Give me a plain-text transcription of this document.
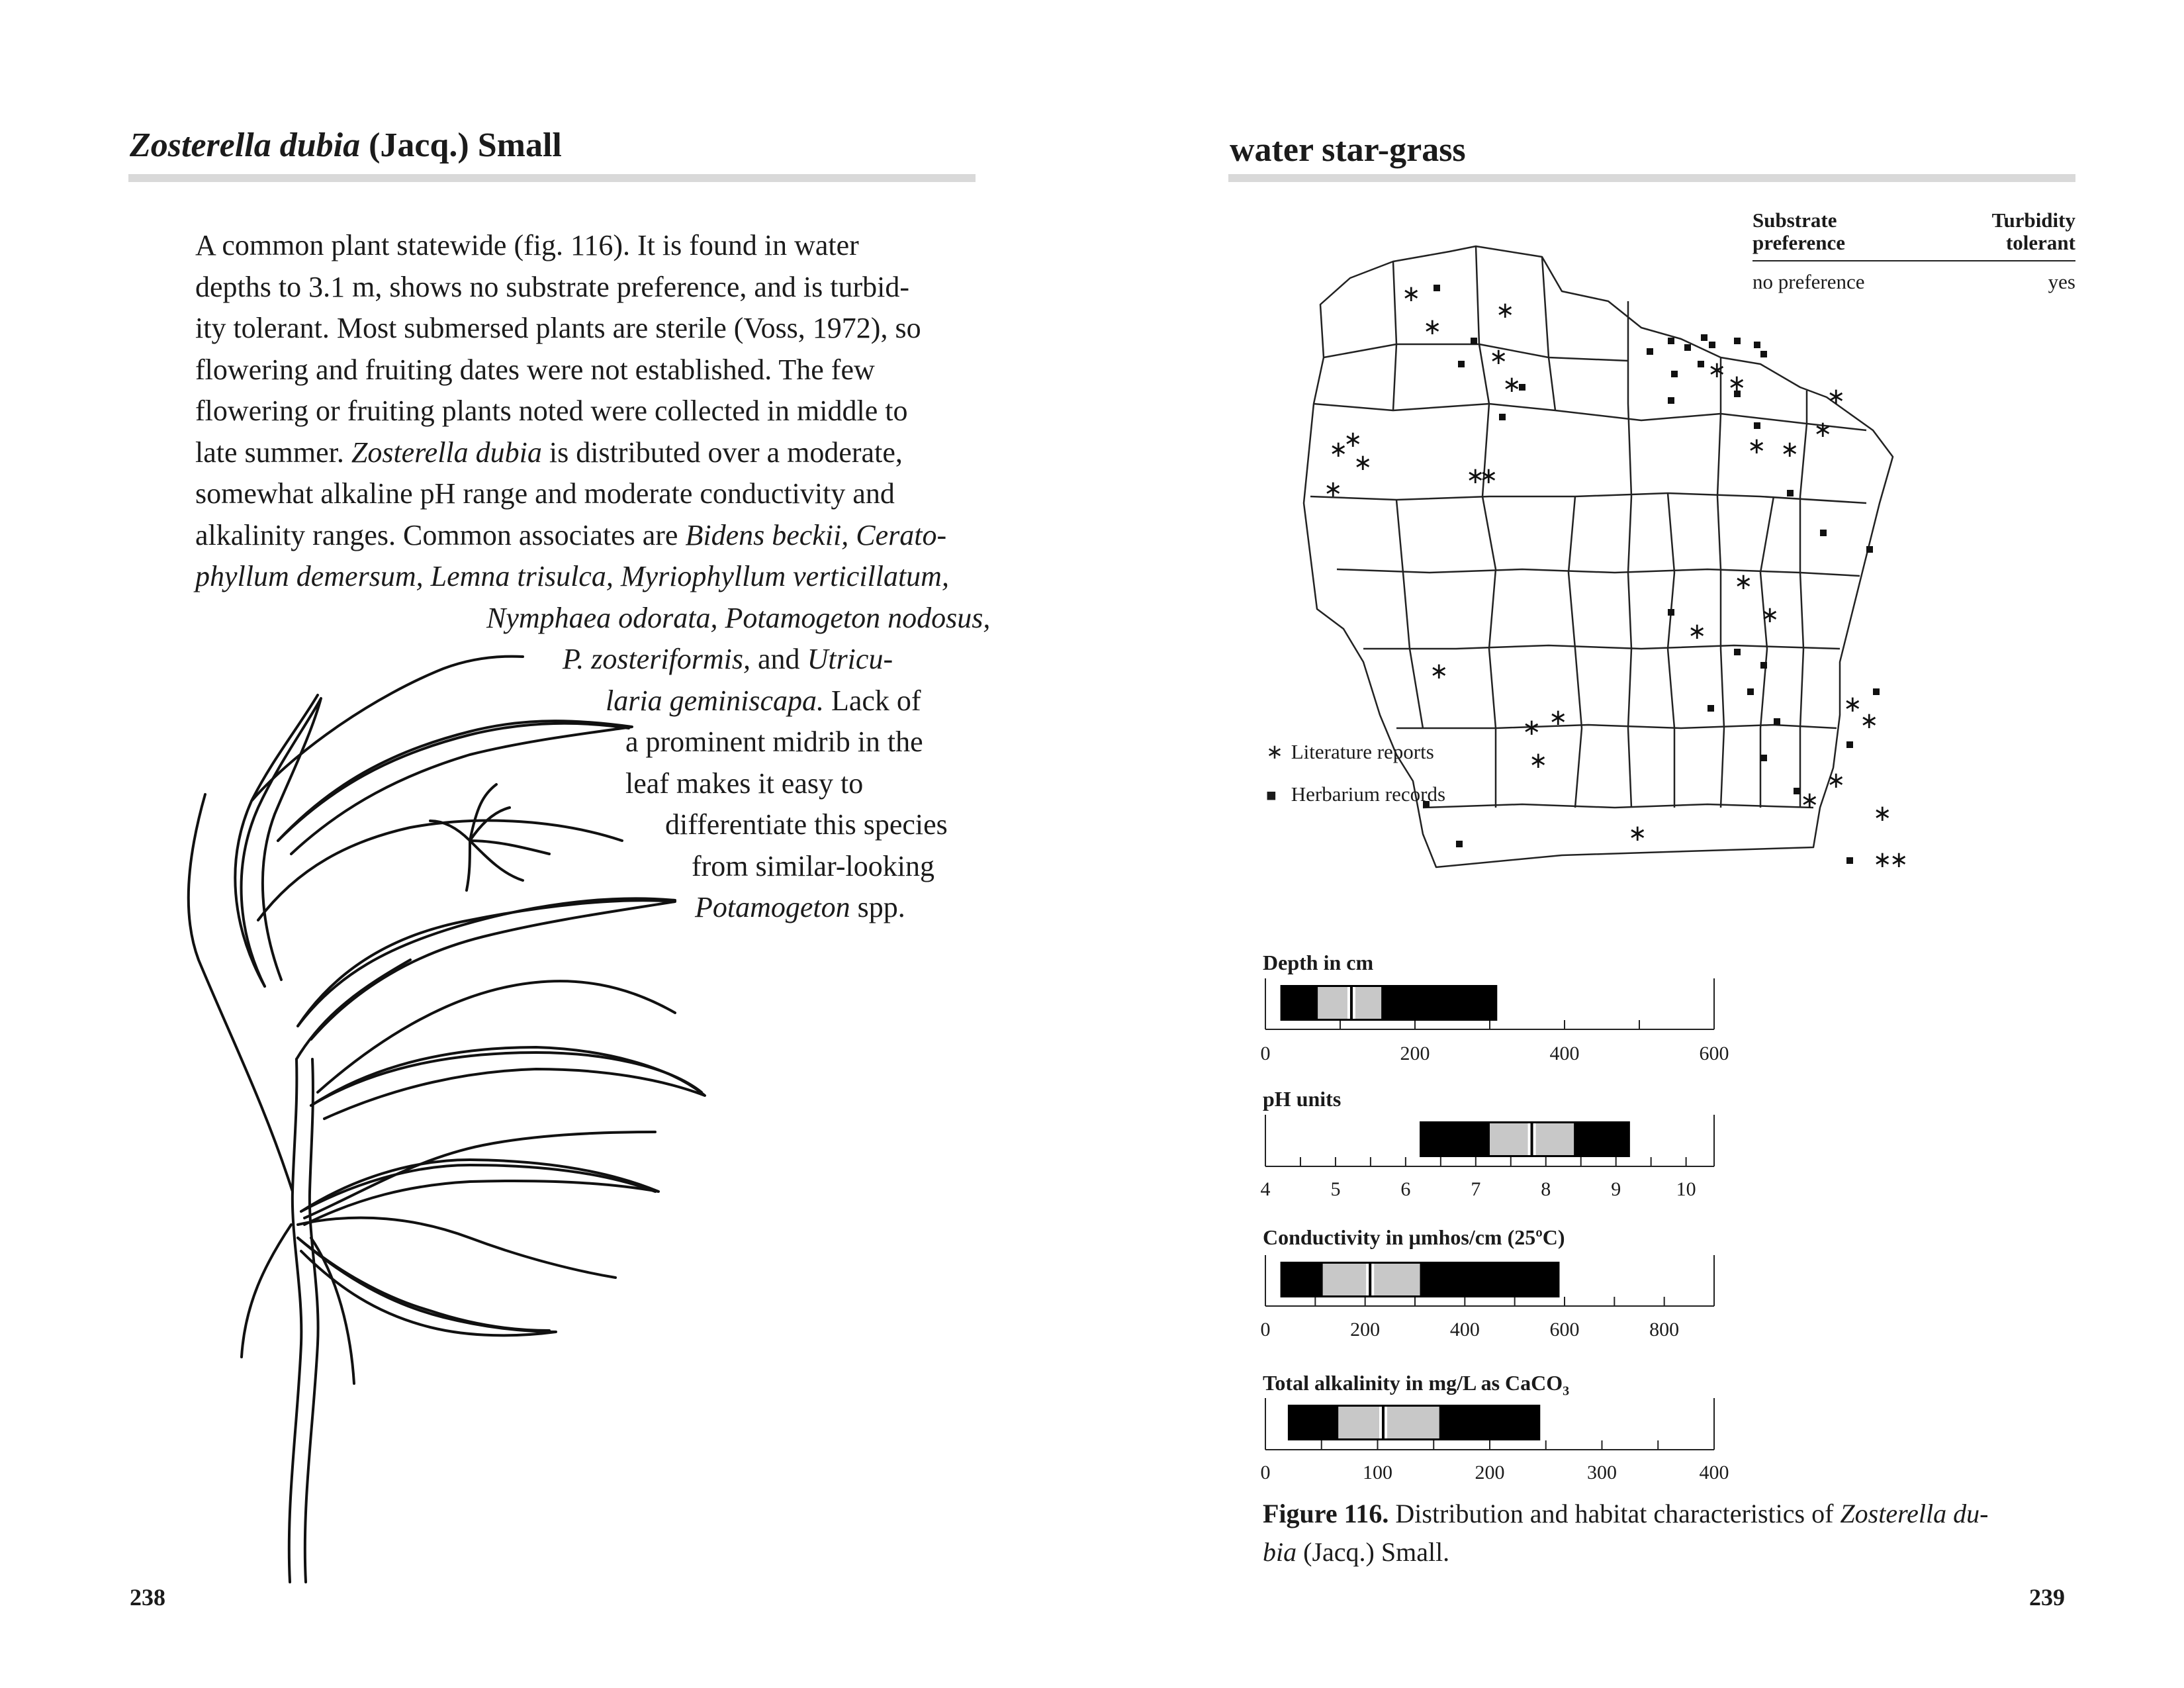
Zosterella dubia (Jacq.) Small
A common plant statewide (fig. 116). It is found in water
depths to 3.1 m, shows no substrate preference, and is turbid-
ity tolerant. Most submersed plants are sterile (Voss, 1972), so
flowering and fruiting dates were not established. The few
flowering or fruiting plants noted were collected in middle to
late summer. Zosterella dubia is distributed over a moderate,
somewhat alkaline pH range and moderate conductivity and
alkalinity ranges. Common associates are Bidens beckii, Cerato-
phyllum demersum, Lemna trisulca, Myriophyllum verticillatum,
Nymphaea odorata, Potamogeton nodosus,
P. zosteriformis, and Utricu-
laria geminiscapa. Lack of
a prominent midrib in the
leaf makes it easy to
differentiate this species
from similar-looking
Potamogeton spp.
238
water star-grass
Substrate
preference
Turbidity
tolerant
no preference	yes
∗
∗
∗
∗
∗
∗
∗
∗
∗
∗
∗
∗
∗
∗
∗
∗
∗
∗
∗
∗
∗
∗
∗
∗
∗
∗
∗
∗
∗
∗
∗
∗
∗ Literature reports
■ Herbarium records
Depth in cm
pH units
Conductivity in µmhos/cm (25ºC)
Total alkalinity in mg/L as CaCO$_3$
0	200	400	600
4	5	6	7	8	9	10
0	200	400	600	800
0	100	200	300	400
Figure 116. Distribution and habitat characteristics of Zosterella du-
bia (Jacq.) Small.
239
